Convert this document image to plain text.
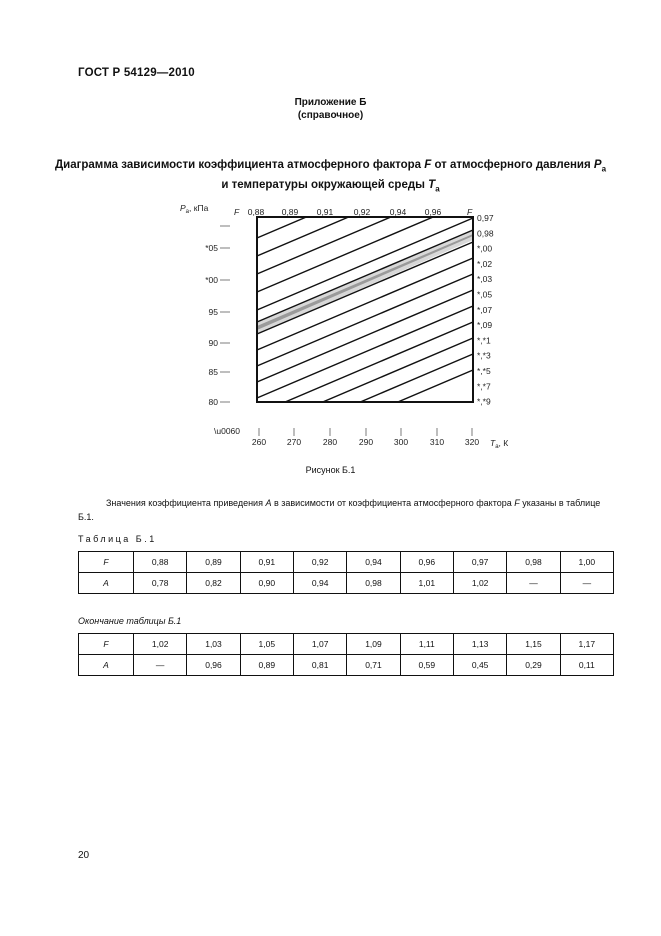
ГОСТ Р 54129—2010
Приложение Б
(справочное)
Диаграмма зависимости коэффициента атмосферного фактора F от атмосферного давления $P_a$
и температуры окружающей среды $T_a$
$P_a$, кПа
*05
*00
95
90
85
80
F 0,88 0,89 0,91 0,92 0,94 0,96	F
0,97
0,98
*,00
*,02
*,03
*,05
*,07
*,09
*,*1
*,*3
*,*5
*,*7
*,*9
260 270	280	290 300	310 320 $T_a$, К
\u0060
Рисунок Б.1
Значения коэффициента приведения A в зависимости от коэффициента атмосферного фактора F указаны в таблице Б.1.
Таблица Б.1
F	0,88	0,89	0,91	0,92	0,94	0,96	0,97	0,98	1,00
A	0,78	0,82	0,90	0,94	0,98	1,01	1,02	—	—
Окончание таблицы Б.1
F	1,02	1,03	1,05	1,07	1,09	1,11	1,13	1,15	1,17
A	—	0,96	0,89	0,81	0,71	0,59	0,45	0,29	0,11
20
